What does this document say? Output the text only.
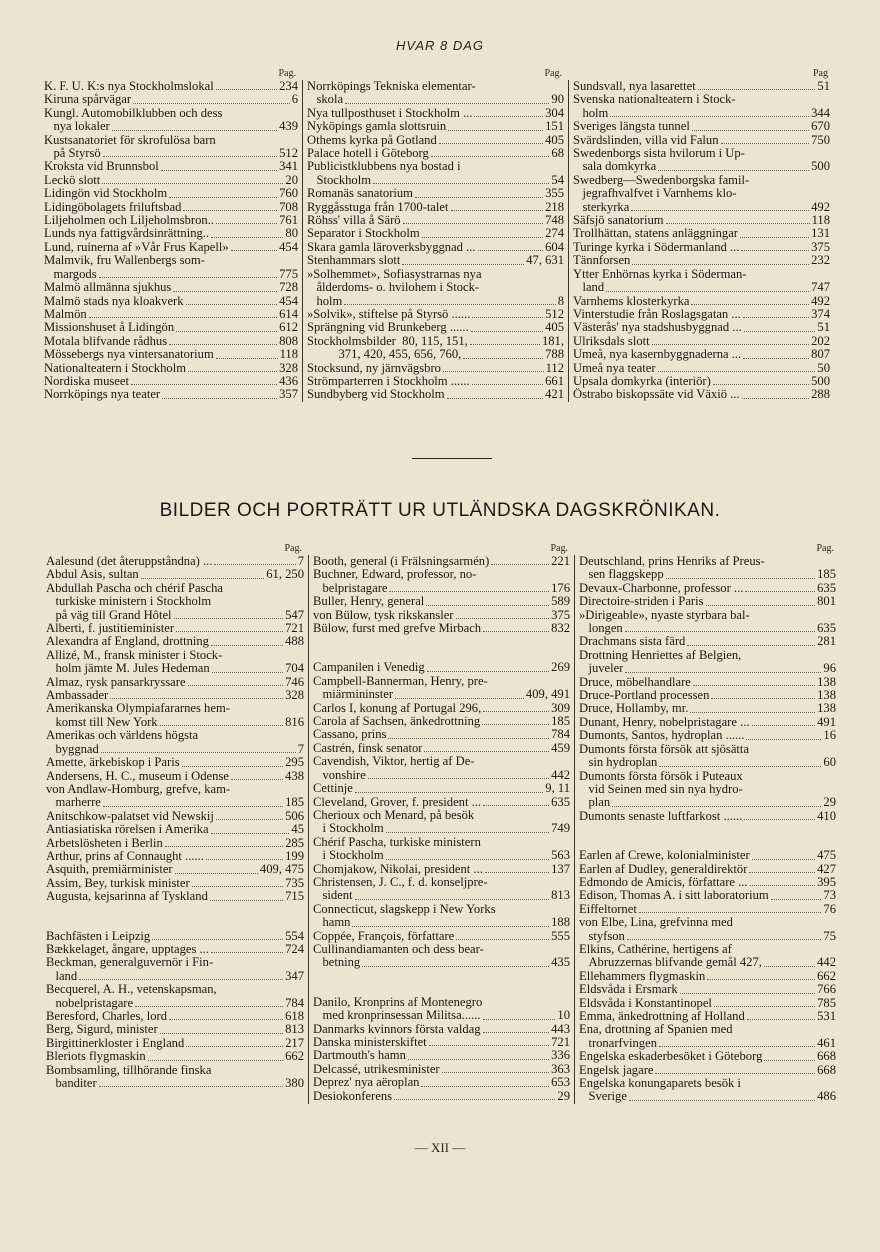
HVAR 8 DAG
Pag.
K. F. U. K:s nya Stockholmslokal	234
Kiruna spårvägar	6
Kungl. Automobilklubben och dess
nya lokaler	439
Kustsanatoriet för skrofulösa barn
på Styrsö	512
Kroksta vid Brunnsbol	341
Leckö slott	20
Lidingön vid Stockholm	760
Lidingöbolagets friluftsbad	708
Liljeholmen och Liljeholmsbron..	761
Lunds nya fattigvårdsinrättning..	80
Lund, ruinerna af »Vår Frus Kapell»	454
Malmvik, fru Wallenbergs som-
margods	775
Malmö allmänna sjukhus	728
Malmö stads nya kloakverk	454
Malmön	614
Missionshuset å Lidingön	612
Motala blifvande rådhus	808
Mössebergs nya vintersanatorium	118
Nationalteatern i Stockholm	328
Nordiska museet	436
Norrköpings nya teater	357
Pag.
Norrköpings Tekniska elementar-
skola	90
Nya tullposthuset i Stockholm ...	304
Nyköpings gamla slottsruin	151
Othems kyrka på Gotland	405
Palace hotell i Göteborg	68
Publicistklubbens nya bostad i
Stockholm	54
Romanäs sanatorium	355
Ryggåsstuga från 1700-talet	218
Röhss' villa å Särö	748
Separator i Stockholm	274
Skara gamla läroverksbyggnad ...	604
Stenhammars slott	47, 631
»Solhemmet», Sofiasystrarnas nya
ålderdoms- o. hvilohem i Stock-
holm	8
»Solvik», stiftelse på Styrsö ......	512
Sprängning vid Brunkeberg ......	405
Stockholmsbilder  80, 115, 151,	181,
371, 420, 455, 656, 760,	788
Stocksund, ny järnvägsbro	112
Strömparterren i Stockholm ......	661
Sundbyberg vid Stockholm	421
Pag
Sundsvall, nya lasarettet	51
Svenska nationalteatern i Stock-
holm	344
Sveriges längsta tunnel	670
Svärdslinden, villa vid Falun	750
Swedenborgs sista hvilorum i Up-
sala domkyrka	500
Swedberg—Swedenborgska famil-
jegrafhvalfvet i Varnhems klo-
sterkyrka	492
Säfsjö sanatorium	118
Trollhättan, statens anläggningar	131
Turinge kyrka i Södermanland ...	375
Tännforsen	232
Ytter Enhörnas kyrka i Söderman-
land	747
Varnhems klosterkyrka	492
Vinterstudie från Roslagsgatan ...	374
Västerås' nya stadshusbyggnad ...	51
Ulriksdals slott	202
Umeå, nya kasernbyggnaderna ...	807
Umeå nya teater	50
Upsala domkyrka (interiör)	500
Östrabo biskopssäte vid Växiö ...	288
BILDER OCH PORTRÄTT UR UTLÄNDSKA DAGSKRÖNIKAN.
Pag.
Aalesund (det återuppståndna) ...	7
Abdul Asis, sultan	61, 250
Abdullah Pascha och chérif Pascha
turkiske ministern i Stockholm
på väg till Grand Hôtel	547
Alberti, f. justitieminister	721
Alexandra af England, drottning	488
Allizé, M., fransk minister i Stock-
holm jämte M. Jules Hedeman	704
Almaz, rysk pansarkryssare	746
Ambassader	328
Amerikanska Olympiafararnes hem-
komst till New York	816
Amerikas och världens högsta
byggnad	7
Amette, ärkebiskop i Paris	295
Andersens, H. C., museum i Odense	438
von Andlaw-Homburg, grefve, kam-
marherre	185
Anitschkow-palatset vid Newskij	506
Antiasiatiska rörelsen i Amerika	45
Arbetslösheten i Berlin	285
Arthur, prins af Connaught ......	199
Asquith, premiärminister	409, 475
Assim, Bey, turkisk minister	735
Augusta, kejsarinna af Tyskland	715
Bachfästen i Leipzig	554
Bækkelaget, ångare, upptages ...	724
Beckman, generalguvernör i Fin-
land	347
Becquerel, A. H., vetenskapsman,
nobelpristagare	784
Beresford, Charles, lord	618
Berg, Sigurd, minister	813
Birgittinerkloster i England	217
Bleriots flygmaskin	662
Bombsamling, tillhörande finska
banditer	380
Pag.
Booth, general (i Frälsningsarmén)	221
Buchner, Edward, professor, no-
belpristagare	176
Buller, Henry, general	589
von Bülow, tysk rikskansler	375
Bülow, furst med grefve Mirbach	832
Campanilen i Venedig	269
Campbell-Bannerman, Henry, pre-
miärmininster	409, 491
Carlos I, konung af Portugal 296,	309
Carola af Sachsen, änkedrottning	185
Cassano, prins	784
Castrén, finsk senator	459
Cavendish, Viktor, hertig af De-
vonshire	442
Cettinje	9, 11
Cleveland, Grover, f. president ...	635
Cherioux och Menard, på besök
i Stockholm	749
Chérif Pascha, turkiske ministern
i Stockholm	563
Chomjakow, Nikolai, president ...	137
Christensen, J. C., f. d. konseljpre-
sident	813
Connecticut, slagskepp i New Yorks
hamn	188
Coppée, François, författare	555
Cullinandiamanten och dess bear-
betning	435
Danilo, Kronprins af Montenegro
med kronprinsessan Militsa......	10
Danmarks kvinnors första valdag	443
Danska ministerskiftet	721
Dartmouth's hamn	336
Delcassé, utrikesminister	363
Deprez' nya aëroplan	653
Desiokonferens	29
Pag.
Deutschland, prins Henriks af Preus-
sen flaggskepp	185
Devaux-Charbonne, professor ...	635
Directoire-striden i Paris	801
»Dirigeable», nyaste styrbara bal-
longen	635
Drachmans sista färd	281
Drottning Henriettes af Belgien,
juveler	96
Druce, möbelhandlare	138
Druce-Portland processen	138
Druce, Hollamby, mr.	138
Dunant, Henry, nobelpristagare ...	491
Dumonts, Santos, hydroplan ......	16
Dumonts första försök att sjösätta
sin hydroplan	60
Dumonts första försök i Puteaux
vid Seinen med sin nya hydro-
plan	29
Dumonts senaste luftfarkost ......	410
Earlen af Crewe, kolonialminister	475
Earlen af Dudley, generaldirektör	427
Edmondo de Amicis, författare ...	395
Edison, Thomas A. i sitt laboratorium	73
Eiffeltornet	76
von Elbe, Lina, grefvinna med
styfson	75
Elkins, Cathérine, hertigens af
Abruzzernas blifvande gemål 427,	442
Ellehammers flygmaskin	662
Eldsvåda i Ersmark	766
Eldsvåda i Konstantinopel	785
Emma, änkedrottning af Holland	531
Ena, drottning af Spanien med
tronarfvingen	461
Engelska eskaderbesöket i Göteborg	668
Engelsk jagare	668
Engelska konungaparets besök i
Sverige	486
— XII —
